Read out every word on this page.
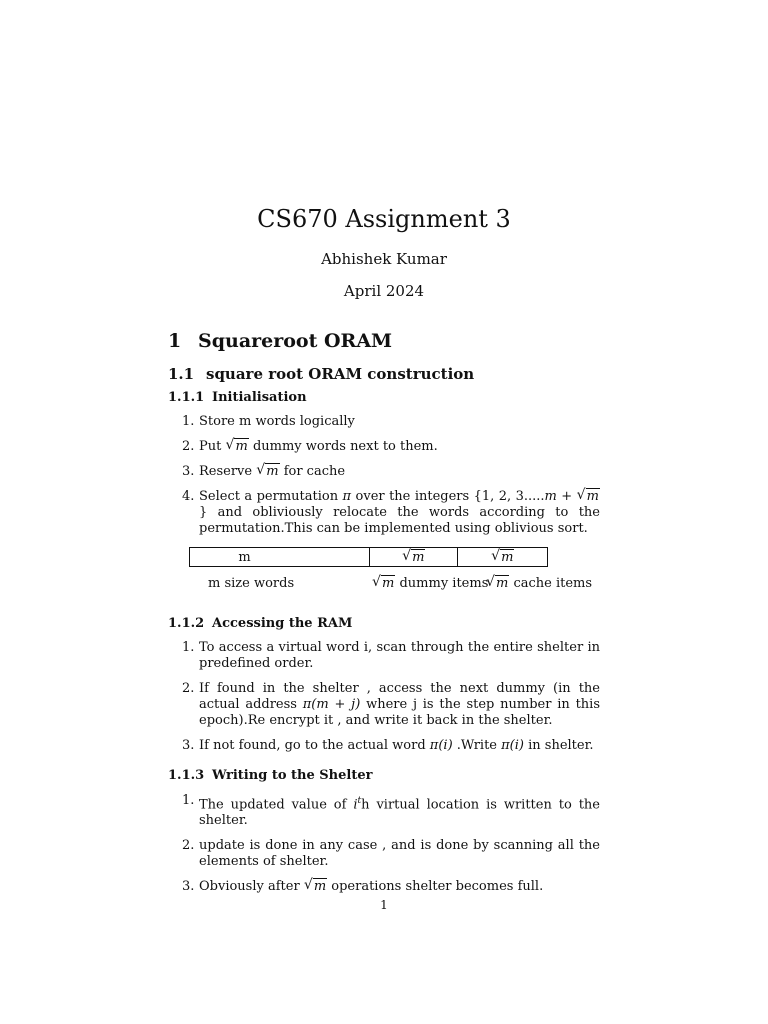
CS670 Assignment 3
Abhishek Kumar
April 2024
1 Squareroot ORAM
1.1 square root ORAM construction
1.1.1 Initialisation
1. Store m words logically
2. Put √ m dummy words next to them.
3. Reserve √ m for cache
4. Select a permutation π over the integers {1, 2, 3.....m + √ m} and obliviously relocate the words according to the permutation.This can be implemented using oblivious sort.
m	√ m	√ m
m size words	√ m dummy items √ m cache items
1.1.2 Accessing the RAM
1. To access a virtual word i, scan through the entire shelter in predefined order.
2. If found in the shelter , access the next dummy (in the actual address π(m + j) where j is the step number in this epoch).Re encrypt it , and write it back in the shelter.
3. If not found, go to the actual word π(i) .Write π(i) in shelter.
1.1.3 Writing to the Shelter
1. The updated value of $i^th$ virtual location is written to the shelter.
2. update is done in any case , and is done by scanning all the elements of shelter.
3. Obviously after √ m operations shelter becomes full.
1
